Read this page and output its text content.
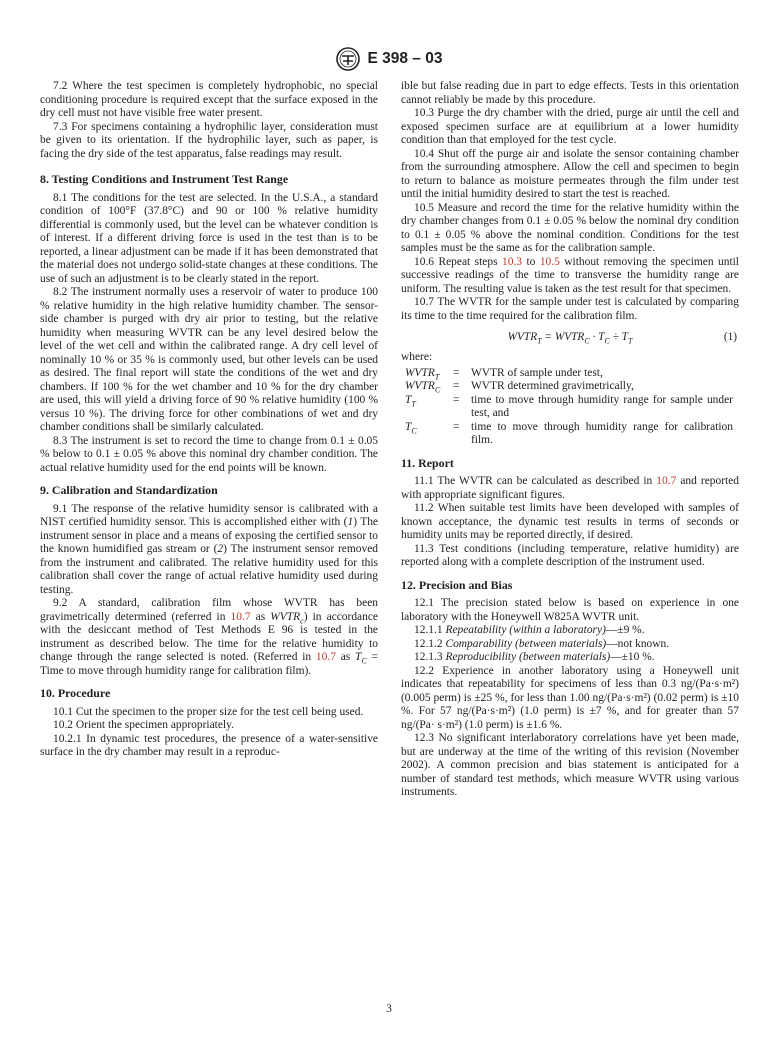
E 398 – 03

7.2 Where the test specimen is completely hydrophobic, no special conditioning procedure is required except that the surface exposed in the dry cell must not have visible free water present.

7.3 For specimens containing a hydrophilic layer, consideration must be given to its orientation. If the hydrophilic layer, such as paper, is facing the dry side of the test apparatus, false readings may result.

8. Testing Conditions and Instrument Test Range

8.1 The conditions for the test are selected. In the U.S.A., a standard condition of 100°F (37.8°C) and 90 or 100 % relative humidity differential is commonly used, but the level can be whatever condition is of interest. If a different driving force is used in the test than is to be reported, a linear adjustment can be made if it has been demonstrated that the material does not undergo solid-state changes at these conditions. The use of such an adjustment is to be clearly stated in the report.

8.2 The instrument normally uses a reservoir of water to produce 100 % relative humidity in the high relative humidity chamber. The sensor-side chamber is purged with dry air prior to testing, but the relative humidity when measuring WVTR can be any level desired below the level of the wet cell and within the calibrated range. A dry cell level of nominally 10 % or 35 % is commonly used, but other levels can be used as desired. The final report will state the conditions of the wet and dry chambers. If 100 % for the wet chamber and 10 % for the dry chamber are used, this will yield a driving force of 90 % relative humidity (100 % versus 10 %). The driving force for other combinations of wet and dry chamber conditions shall be similarly calculated.

8.3 The instrument is set to record the time to change from 0.1 ± 0.05 % below to 0.1 ± 0.05 % above this nominal dry chamber condition. The actual relative humidity used for the end points will be known.

9. Calibration and Standardization

9.1 The response of the relative humidity sensor is calibrated with a NIST certified humidity sensor. This is accomplished either with (1) The instrument sensor in place and a means of exposing the certified sensor to the known humidified gas stream or (2) The instrument sensor removed from the instrument and calibrated. The relative humidity used for this calibration shall cover the range of actual relative humidity used during testing.

9.2 A standard, calibration film whose WVTR has been gravimetrically determined (referred in 10.7 as $WVTR_c$) in accordance with the desiccant method of Test Methods E 96 is tested in the instrument as described below. The time for the relative humidity to change through the range selected is noted. (Referred in 10.7 as $T_C$ = Time to move through humidity range for calibration film).

10. Procedure

10.1 Cut the specimen to the proper size for the test cell being used.

10.2 Orient the specimen appropriately.

10.2.1 In dynamic test procedures, the presence of a water-sensitive surface in the dry chamber may result in a reproduc-

ible but false reading due in part to edge effects. Tests in this orientation cannot reliably be made by this procedure.

10.3 Purge the dry chamber with the dried, purge air until the cell and exposed specimen surface are at equilibrium at a lower humidity condition than that employed for the test cycle.

10.4 Shut off the purge air and isolate the sensor containing chamber from the surrounding atmosphere. Allow the cell and specimen to begin to return to balance as moisture permeates through the film under test until the initial humidity desired to start the test is reached.

10.5 Measure and record the time for the relative humidity within the dry chamber changes from 0.1 ± 0.05 % below the nominal dry condition to 0.1 ± 0.05 % above the nominal condition. Conditions for the test samples must be the same as for the calibration sample.

10.6 Repeat steps 10.3 to 10.5 without removing the specimen until successive readings of the time to transverse the humidity range are uniform. The resulting value is taken as the test result for that specimen.

10.7 The WVTR for the sample under test is calculated by comparing its time to the time required for the calibration film.

$WVTR_T$ = $WVTR_C \cdot T_C \div T_T$	(1)

where:

$WVTR_T$	=	WVTR of sample under test,
$WVTR_C$	=	WVTR determined gravimetrically,
$T_T$	=	time to move through humidity range for sample under test, and
$T_C$	=	time to move through humidity range for calibration film.
11. Report

11.1 The WVTR can be calculated as described in 10.7 and reported with appropriate significant figures.

11.2 When suitable test limits have been developed with samples of known acceptance, the dynamic test results in terms of seconds or humidity units may be reported directly, if desired.

11.3 Test conditions (including temperature, relative humidity) are reported along with a complete description of the instrument used.

12. Precision and Bias

12.1 The precision stated below is based on experience in one laboratory with the Honeywell W825A WVTR unit.

12.1.1 Repeatability (within a laboratory)—±9 %.

12.1.2 Comparability (between materials)—not known.

12.1.3 Reproducibility (between materials)—±10 %.

12.2 Experience in another laboratory using a Honeywell unit indicates that repeatability for specimens of less than 0.3 ng/(Pa·s·m²) (0.005 perm) is ±25 %, for less than 1.00 ng/(Pa·s·m²) (0.02 perm) is ±10 %. For 57 ng/(Pa·s·m²) (1.0 perm) is ±7 %, and for greater than 57 ng/(Pa· s·m²) (1.0 perm) is ±1.6 %.

12.3 No significant interlaboratory correlations have yet been made, but are underway at the time of the writing of this revision (November 2002). A common precision and bias statement is anticipated for a number of standard test methods, which measure WVTR using various instruments.

3
